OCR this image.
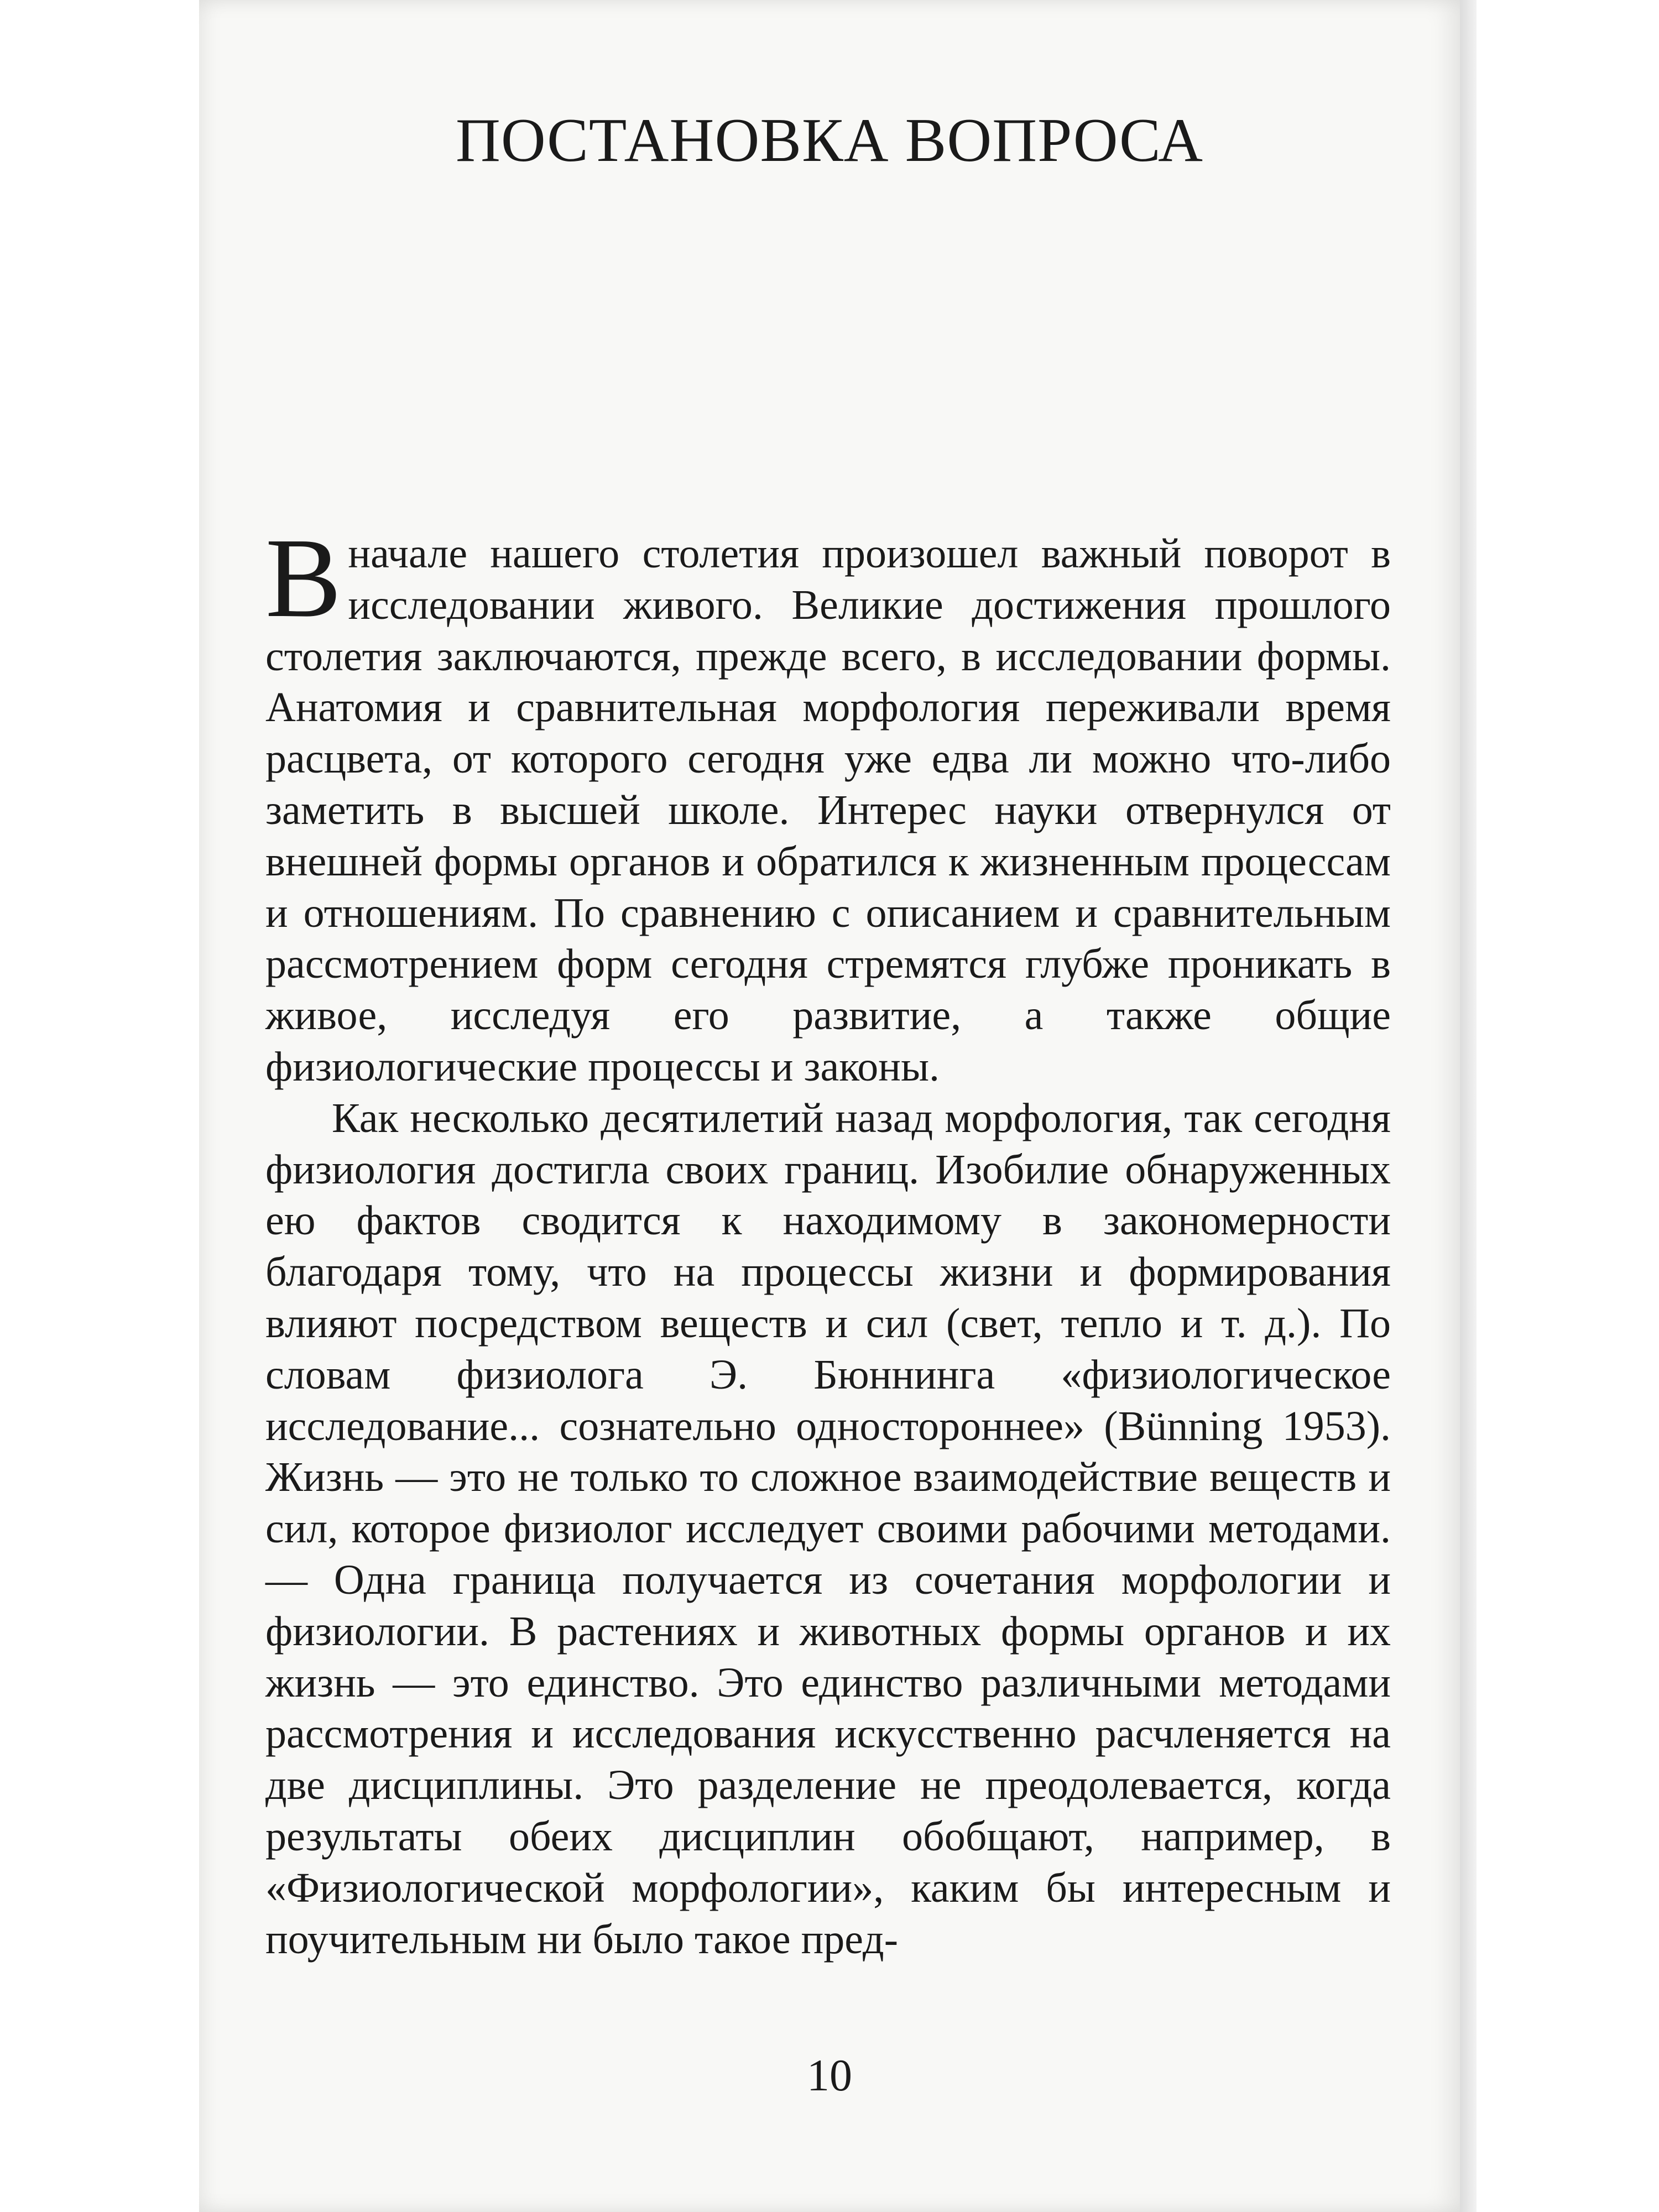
ПОСТАНОВКА ВОПРОСА

Вначале нашего столетия произошел важный поворот в исследовании живого. Великие достижения прошлого столетия заключаются, прежде всего, в исследовании формы. Анатомия и сравнительная морфология переживали время расцвета, от которого сегодня уже едва ли можно что-либо заметить в высшей школе. Интерес науки отвернулся от внешней формы органов и обратился к жизненным процессам и отношениям. По сравнению с описанием и сравнительным рассмотрением форм сегодня стремятся глубже проникать в живое, исследуя его развитие, а также общие физиологические процессы и законы.

Как несколько десятилетий назад морфология, так сегодня физиология достигла своих границ. Изобилие обнаруженных ею фактов сводится к находимому в закономерности благодаря тому, что на процессы жизни и формирования влияют посредством веществ и сил (свет, тепло и т. д.). По словам физиолога Э. Бюннинга «физиологическое исследование... сознательно одностороннее» (Bünning 1953). Жизнь — это не только то сложное взаимодействие веществ и сил, которое физиолог исследует своими рабочими методами. — Одна граница получается из сочетания морфологии и физиологии. В растениях и животных формы органов и их жизнь — это единство. Это единство различными методами рассмотрения и исследования искусственно расчленяется на две дисциплины. Это разделение не преодолевается, когда результаты обеих дисциплин обобщают, например, в «Физиологической морфологии», каким бы интересным и поучительным ни было такое пред-

10
